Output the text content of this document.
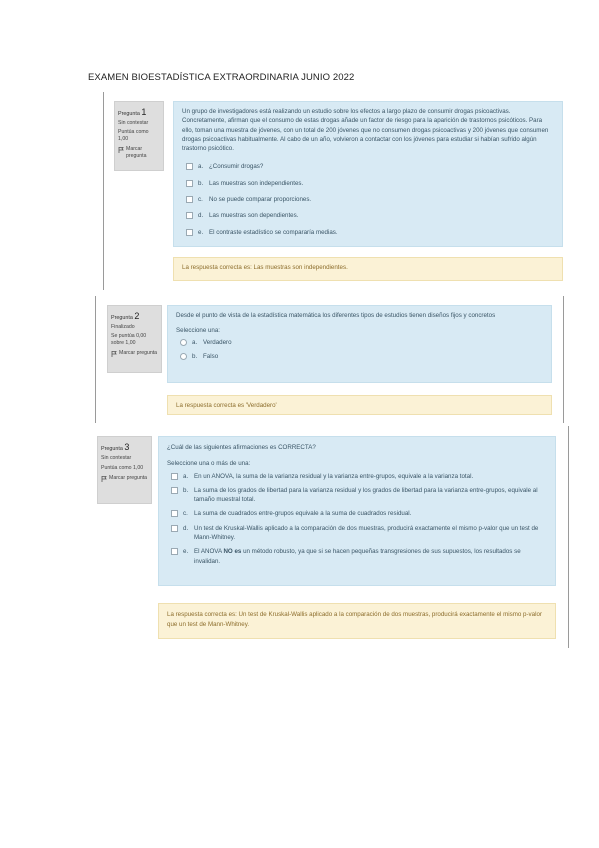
EXAMEN BIOESTADÍSTICA EXTRAORDINARIA JUNIO 2022
Pregunta 1
Sin contestar
Puntúa como 1,00
Marcar pregunta

Un grupo de investigadores está realizando un estudio sobre los efectos a largo plazo de consumir drogas psicoactivas. Concretamente, afirman que el consumo de estas drogas añade un factor de riesgo para la aparición de trastornos psicóticos. Para ello, toman una muestra de jóvenes, con un total de 200 jóvenes que no consumen drogas psicoactivas y 200 jóvenes que consumen drogas psicoactivas habitualmente. Al cabo de un año, volvieron a contactar con los jóvenes para estudiar si habían sufrido algún trastorno psicótico.

a. ¿Consumir drogas?
b. Las muestras son independientes.
c. No se puede comparar proporciones.
d. Las muestras son dependientes.
e. El contraste estadístico se compararía medias.
La respuesta correcta es: Las muestras son independientes.
Pregunta 2
Finalizado
Se puntúa 0,00 sobre 1,00
Marcar pregunta

Desde el punto de vista de la estadística matemática los diferentes tipos de estudios tienen diseños fijos y concretos

Seleccione una:
a. Verdadero
b. Falso
La respuesta correcta es 'Verdadero'
Pregunta 3
Sin contestar
Puntúa como 1,00
Marcar pregunta

¿Cuál de las siguientes afirmaciones es CORRECTA?

Seleccione una o más de una:
a. En un ANOVA, la suma de la varianza residual y la varianza entre-grupos, equivale a la varianza total.
b. La suma de los grados de libertad para la varianza residual y los grados de libertad para la varianza entre-grupos, equivale al tamaño muestral total.
c. La suma de cuadrados entre-grupos equivale a la suma de cuadrados residual.
d. Un test de Kruskal-Wallis aplicado a la comparación de dos muestras, producirá exactamente el mismo p-valor que un test de Mann-Whitney.
e. El ANOVA NO es un método robusto, ya que si se hacen pequeñas transgresiones de sus supuestos, los resultados se invalidan.
La respuesta correcta es: Un test de Kruskal-Wallis aplicado a la comparación de dos muestras, producirá exactamente el mismo p-valor que un test de Mann-Whitney.
